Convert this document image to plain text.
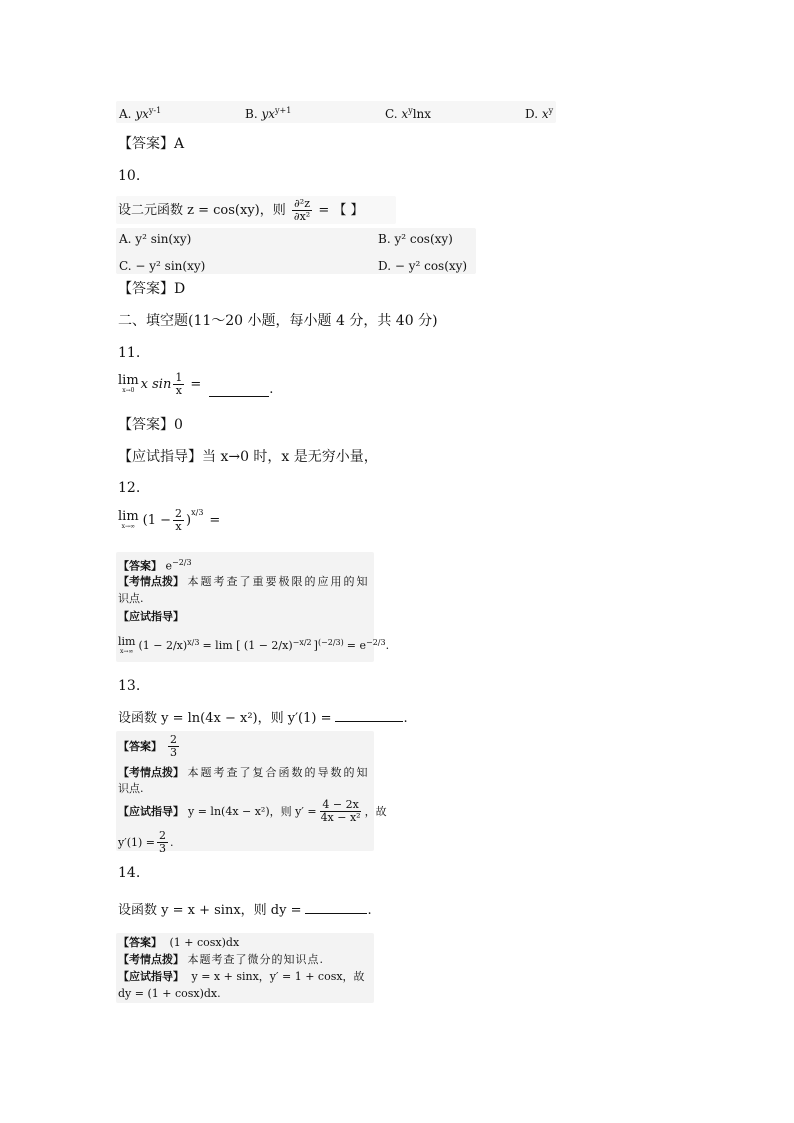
A. $yx^{y-1}$	B. $yx^{y+1}$	C. $x^y\ln x$	D. $x^y$
【答案】A
10.
设二元函数 z = cos(xy)，则 $\frac{\text{∂²z}}{\text{∂x²}}$ = 【 】
A. y² sin(xy)	B. y² cos(xy)
C. − y² sin(xy)	D. − y² cos(xy)
【答案】D
二、填空题(11～20 小题，每小题 4 分，共 40 分)
11.
lim
x→0 x $\sin \frac{1}{x}$ =	.
【答案】0
【应试指导】当 x→0 时，x 是无穷小量，
12.
lim
x→∞ ($1 - \frac{2}{x}$ )
$^{x/3}$
=
【答案】 $e^{-2/3}$
【考情点拨】 本题考查了重要极限的应用的知
识点.
【应试指导】
lim
x→∞ $(1 - 2/x)^{x/3} = \lim$ [ $(1 - 2/x)^{-x/2}$ ]$^{(-2/3)} = e^{-2/3}$ .
13.
设函数 y = ln(4x − x²)，则 y′(1) =	.
【答案】 $\frac{2}{3}$
【考情点拨】 本题考查了复合函数的导数的知
识点.
【应试指导】 y = ln(4x − x²)，则 $y' = \frac{4 - 2x}{\text{4x − x²}}$ ，故
$y'(1) = \frac{2}{3}$ .
14.
设函数 y = x + sinx，则 dy =	.
【答案】 (1 + cosx)dx
【考情点拨】 本题考查了微分的知识点.
【应试指导】 y = x + sinx，y′ = 1 + cosx，故
dy = (1 + cosx)dx.
